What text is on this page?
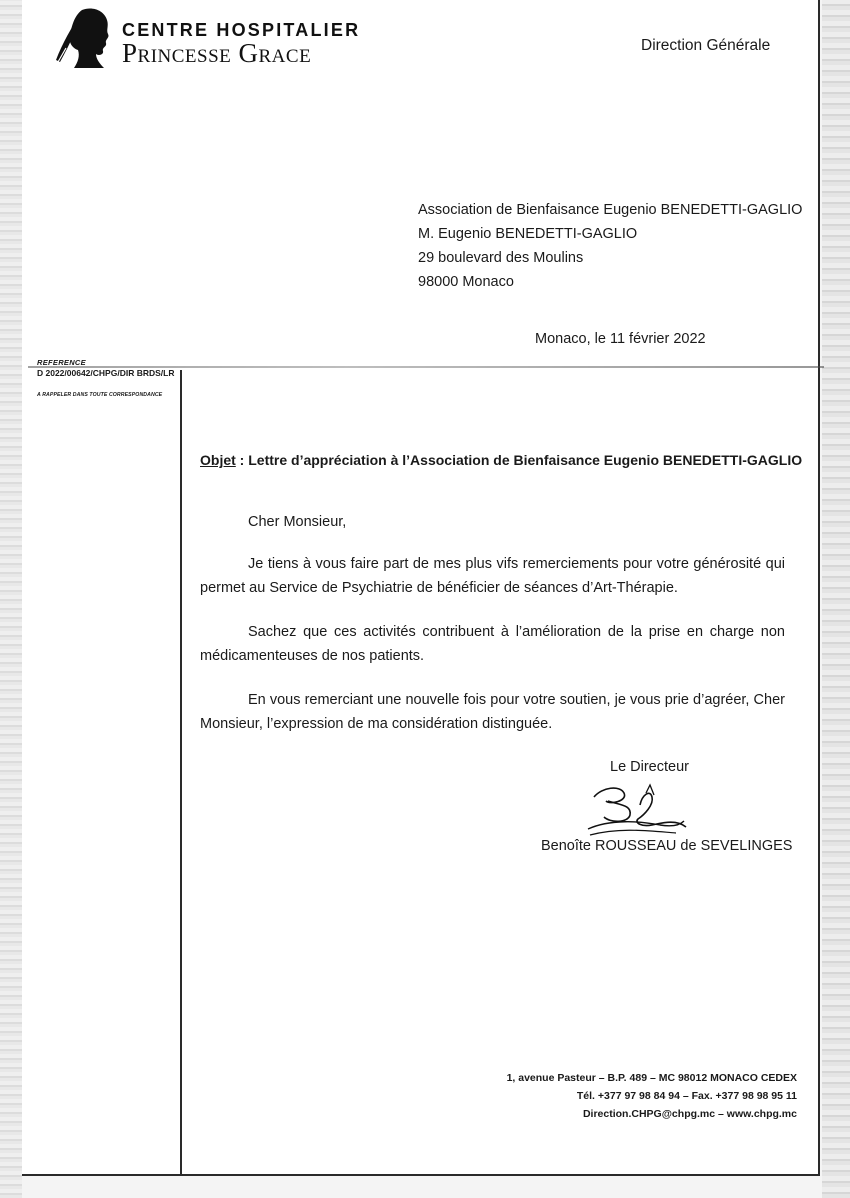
CENTRE HOSPITALIER
Princesse Grace	Direction Générale
Association de Bienfaisance Eugenio BENEDETTI-GAGLIO
M. Eugenio BENEDETTI-GAGLIO
29 boulevard des Moulins
98000 Monaco
Monaco, le 11 février 2022
REFERENCE
D 2022/00642/CHPG/DIR BRDS/LR
A RAPPELER DANS TOUTE CORRESPONDANCE
Objet : Lettre d’appréciation à l’Association de Bienfaisance Eugenio BENEDETTI-GAGLIO
Cher Monsieur,

Je tiens à vous faire part de mes plus vifs remerciements pour votre générosité qui permet au Service de Psychiatrie de bénéficier de séances d’Art-Thérapie.

Sachez que ces activités contribuent à l’amélioration de la prise en charge non médicamenteuses de nos patients.

En vous remerciant une nouvelle fois pour votre soutien, je vous prie d’agréer, Cher Monsieur, l’expression de ma considération distinguée.

Le Directeur
Benoîte ROUSSEAU de SEVELINGES
1, avenue Pasteur – B.P. 489 – MC 98012 MONACO CEDEX
Tél. +377 97 98 84 94 – Fax. +377 98 98 95 11
Direction.CHPG@chpg.mc – www.chpg.mc
